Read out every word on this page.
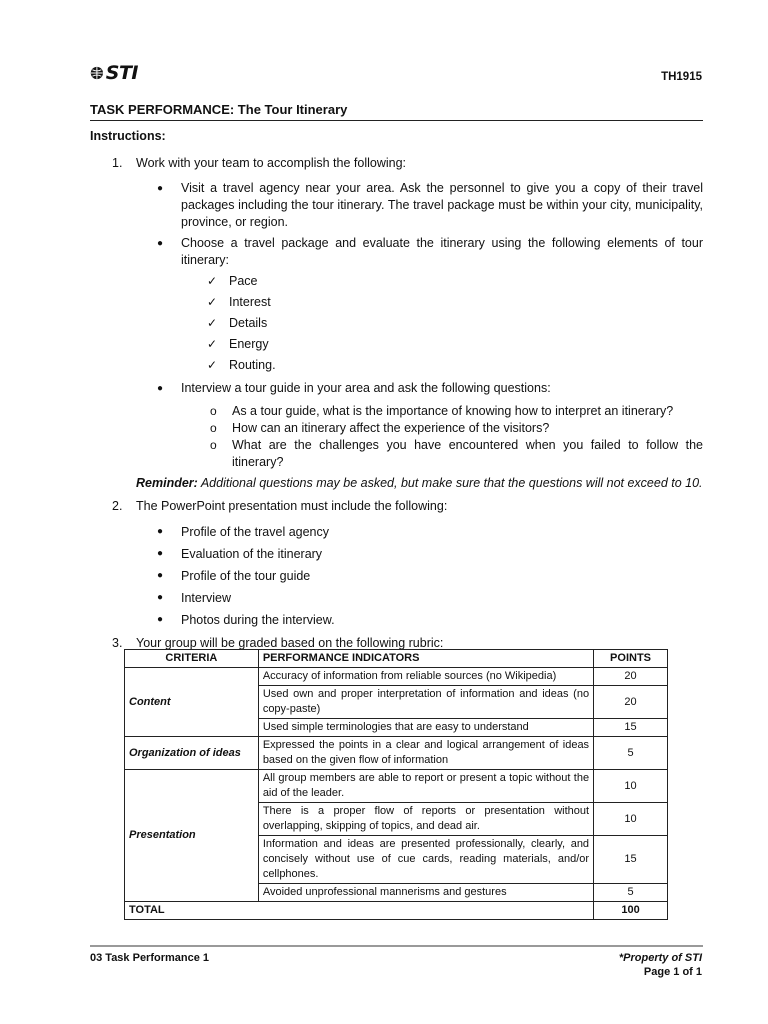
STI	TH1915
TASK PERFORMANCE: The Tour Itinerary
Instructions:
1. Work with your team to accomplish the following:
● Visit a travel agency near your area. Ask the personnel to give you a copy of their travel packages including the tour itinerary. The travel package must be within your city, municipality, province, or region.
● Choose a travel package and evaluate the itinerary using the following elements of tour itinerary:
✓ Pace
✓ Interest
✓ Details
✓ Energy
✓ Routing.
● Interview a tour guide in your area and ask the following questions:
o As a tour guide, what is the importance of knowing how to interpret an itinerary?
o How can an itinerary affect the experience of the visitors?
o What are the challenges you have encountered when you failed to follow the itinerary?
Reminder: Additional questions may be asked, but make sure that the questions will not exceed to 10.
2. The PowerPoint presentation must include the following:
● Profile of the travel agency
● Evaluation of the itinerary
● Profile of the tour guide
● Interview
● Photos during the interview.
3. Your group will be graded based on the following rubric:
CRITERIA	PERFORMANCE INDICATORS	POINTS
Content	Accuracy of information from reliable sources (no Wikipedia)	20
	Used own and proper interpretation of information and ideas (no copy-paste)	20
	Used simple terminologies that are easy to understand	15
Organization of ideas	Expressed the points in a clear and logical arrangement of ideas based on the given flow of information	5
Presentation	All group members are able to report or present a topic without the aid of the leader.	10
	There is a proper flow of reports or presentation without overlapping, skipping of topics, and dead air.	10
	Information and ideas are presented professionally, clearly, and concisely without use of cue cards, reading materials, and/or cellphones.	15
	Avoided unprofessional mannerisms and gestures	5
TOTAL		100
03 Task Performance 1	*Property of STI
Page 1 of 1
